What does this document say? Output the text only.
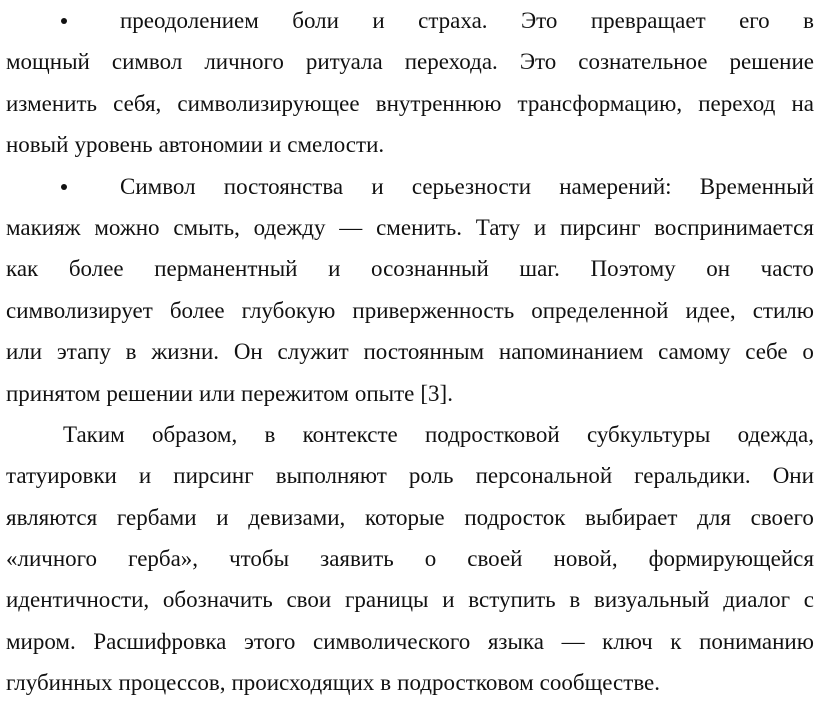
преодолением боли и страха. Это превращает его в
мощный символ личного ритуала перехода. Это сознательное решение
изменить себя, символизирующее внутреннюю трансформацию, переход на
новый уровень автономии и смелости.
Символ постоянства и серьезности намерений: Временный
макияж можно смыть, одежду — сменить. Тату и пирсинг воспринимается
как более перманентный и осознанный шаг. Поэтому он часто
символизирует более глубокую приверженность определенной идее, стилю
или этапу в жизни. Он служит постоянным напоминанием самому себе о
принятом решении или пережитом опыте [3].
Таким образом, в контексте подростковой субкультуры одежда,
татуировки и пирсинг выполняют роль персональной геральдики. Они
являются гербами и девизами, которые подросток выбирает для своего
«личного герба», чтобы заявить о своей новой, формирующейся
идентичности, обозначить свои границы и вступить в визуальный диалог с
миром. Расшифровка этого символического языка — ключ к пониманию
глубинных процессов, происходящих в подростковом сообществе.
